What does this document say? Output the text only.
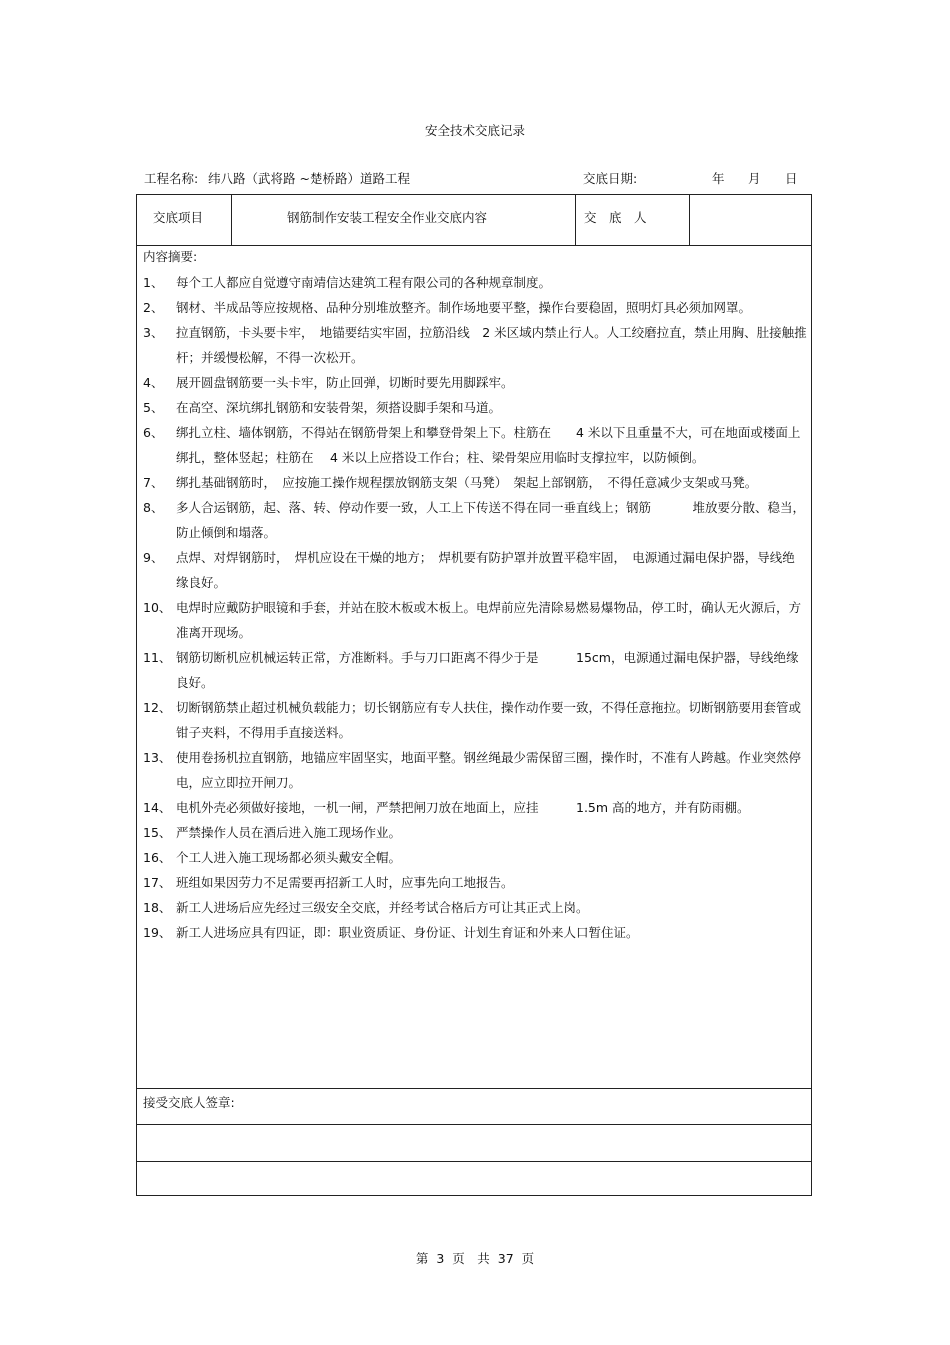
安全技术交底记录
工程名称: 纬八路（武将路 ~楚桥路）道路工程	交底日期:	年 月 日
交底项目	钢筋制作安装工程安全作业交底内容	交　底　人
内容摘要:
1、	每个工人都应自觉遵守南靖信达建筑工程有限公司的各种规章制度。
2、	钢材、半成品等应按规格、品种分别堆放整齐。制作场地要平整，操作台要稳固，照明灯具必须加网罩。
3、	拉直钢筋，卡头要卡牢，　地锚要结实牢固，拉筋沿线　2 米区域内禁止行人。人工绞磨拉直，禁止用胸、肚接触推杆；并缓慢松解，不得一次松开。
4、	展开圆盘钢筋要一头卡牢，防止回弹，切断时要先用脚踩牢。
5、	在高空、深坑绑扎钢筋和安装骨架，须搭设脚手架和马道。
6、	绑扎立柱、墙体钢筋，不得站在钢筋骨架上和攀登骨架上下。柱筋在　　4 米以下且重量不大，可在地面或楼面上绑扎，整体竖起；柱筋在　 4 米以上应搭设工作台；柱、梁骨架应用临时支撑拉牢，以防倾倒。
7、	绑扎基础钢筋时，　应按施工操作规程摆放钢筋支架（马凳）　架起上部钢筋，　不得任意减少支架或马凳。
8、	多人合运钢筋，起、落、转、停动作要一致，人工上下传送不得在同一垂直线上；钢筋　　　 堆放要分散、稳当，防止倾倒和塌落。
9、	点焊、对焊钢筋时，　焊机应设在干燥的地方；　焊机要有防护罩并放置平稳牢固，　电源通过漏电保护器，导线绝缘良好。
10、 电焊时应戴防护眼镜和手套，并站在胶木板或木板上。电焊前应先清除易燃易爆物品，停工时，确认无火源后，方准离开现场。
11、 钢筋切断机应机械运转正常，方准断料。手与刀口距离不得少于是　　　15cm，电源通过漏电保护器，导线绝缘良好。
12、 切断钢筋禁止超过机械负载能力；切长钢筋应有专人扶住，操作动作要一致，不得任意拖拉。切断钢筋要用套管或钳子夹料，不得用手直接送料。
13、 使用卷扬机拉直钢筋，地锚应牢固坚实，地面平整。钢丝绳最少需保留三圈，操作时，不准有人跨越。作业突然停电，应立即拉开闸刀。
14、 电机外壳必须做好接地，一机一闸，严禁把闸刀放在地面上，应挂　　　1.5m 高的地方，并有防雨棚。
15、 严禁操作人员在酒后进入施工现场作业。
16、 个工人进入施工现场都必须头戴安全帽。
17、 班组如果因劳力不足需要再招新工人时，应事先向工地报告。
18、 新工人进场后应先经过三级安全交底，并经考试合格后方可让其正式上岗。
19、 新工人进场应具有四证，即：职业资质证、身份证、计划生育证和外来人口暂住证。
接受交底人签章:
第 3 页　共 37 页
